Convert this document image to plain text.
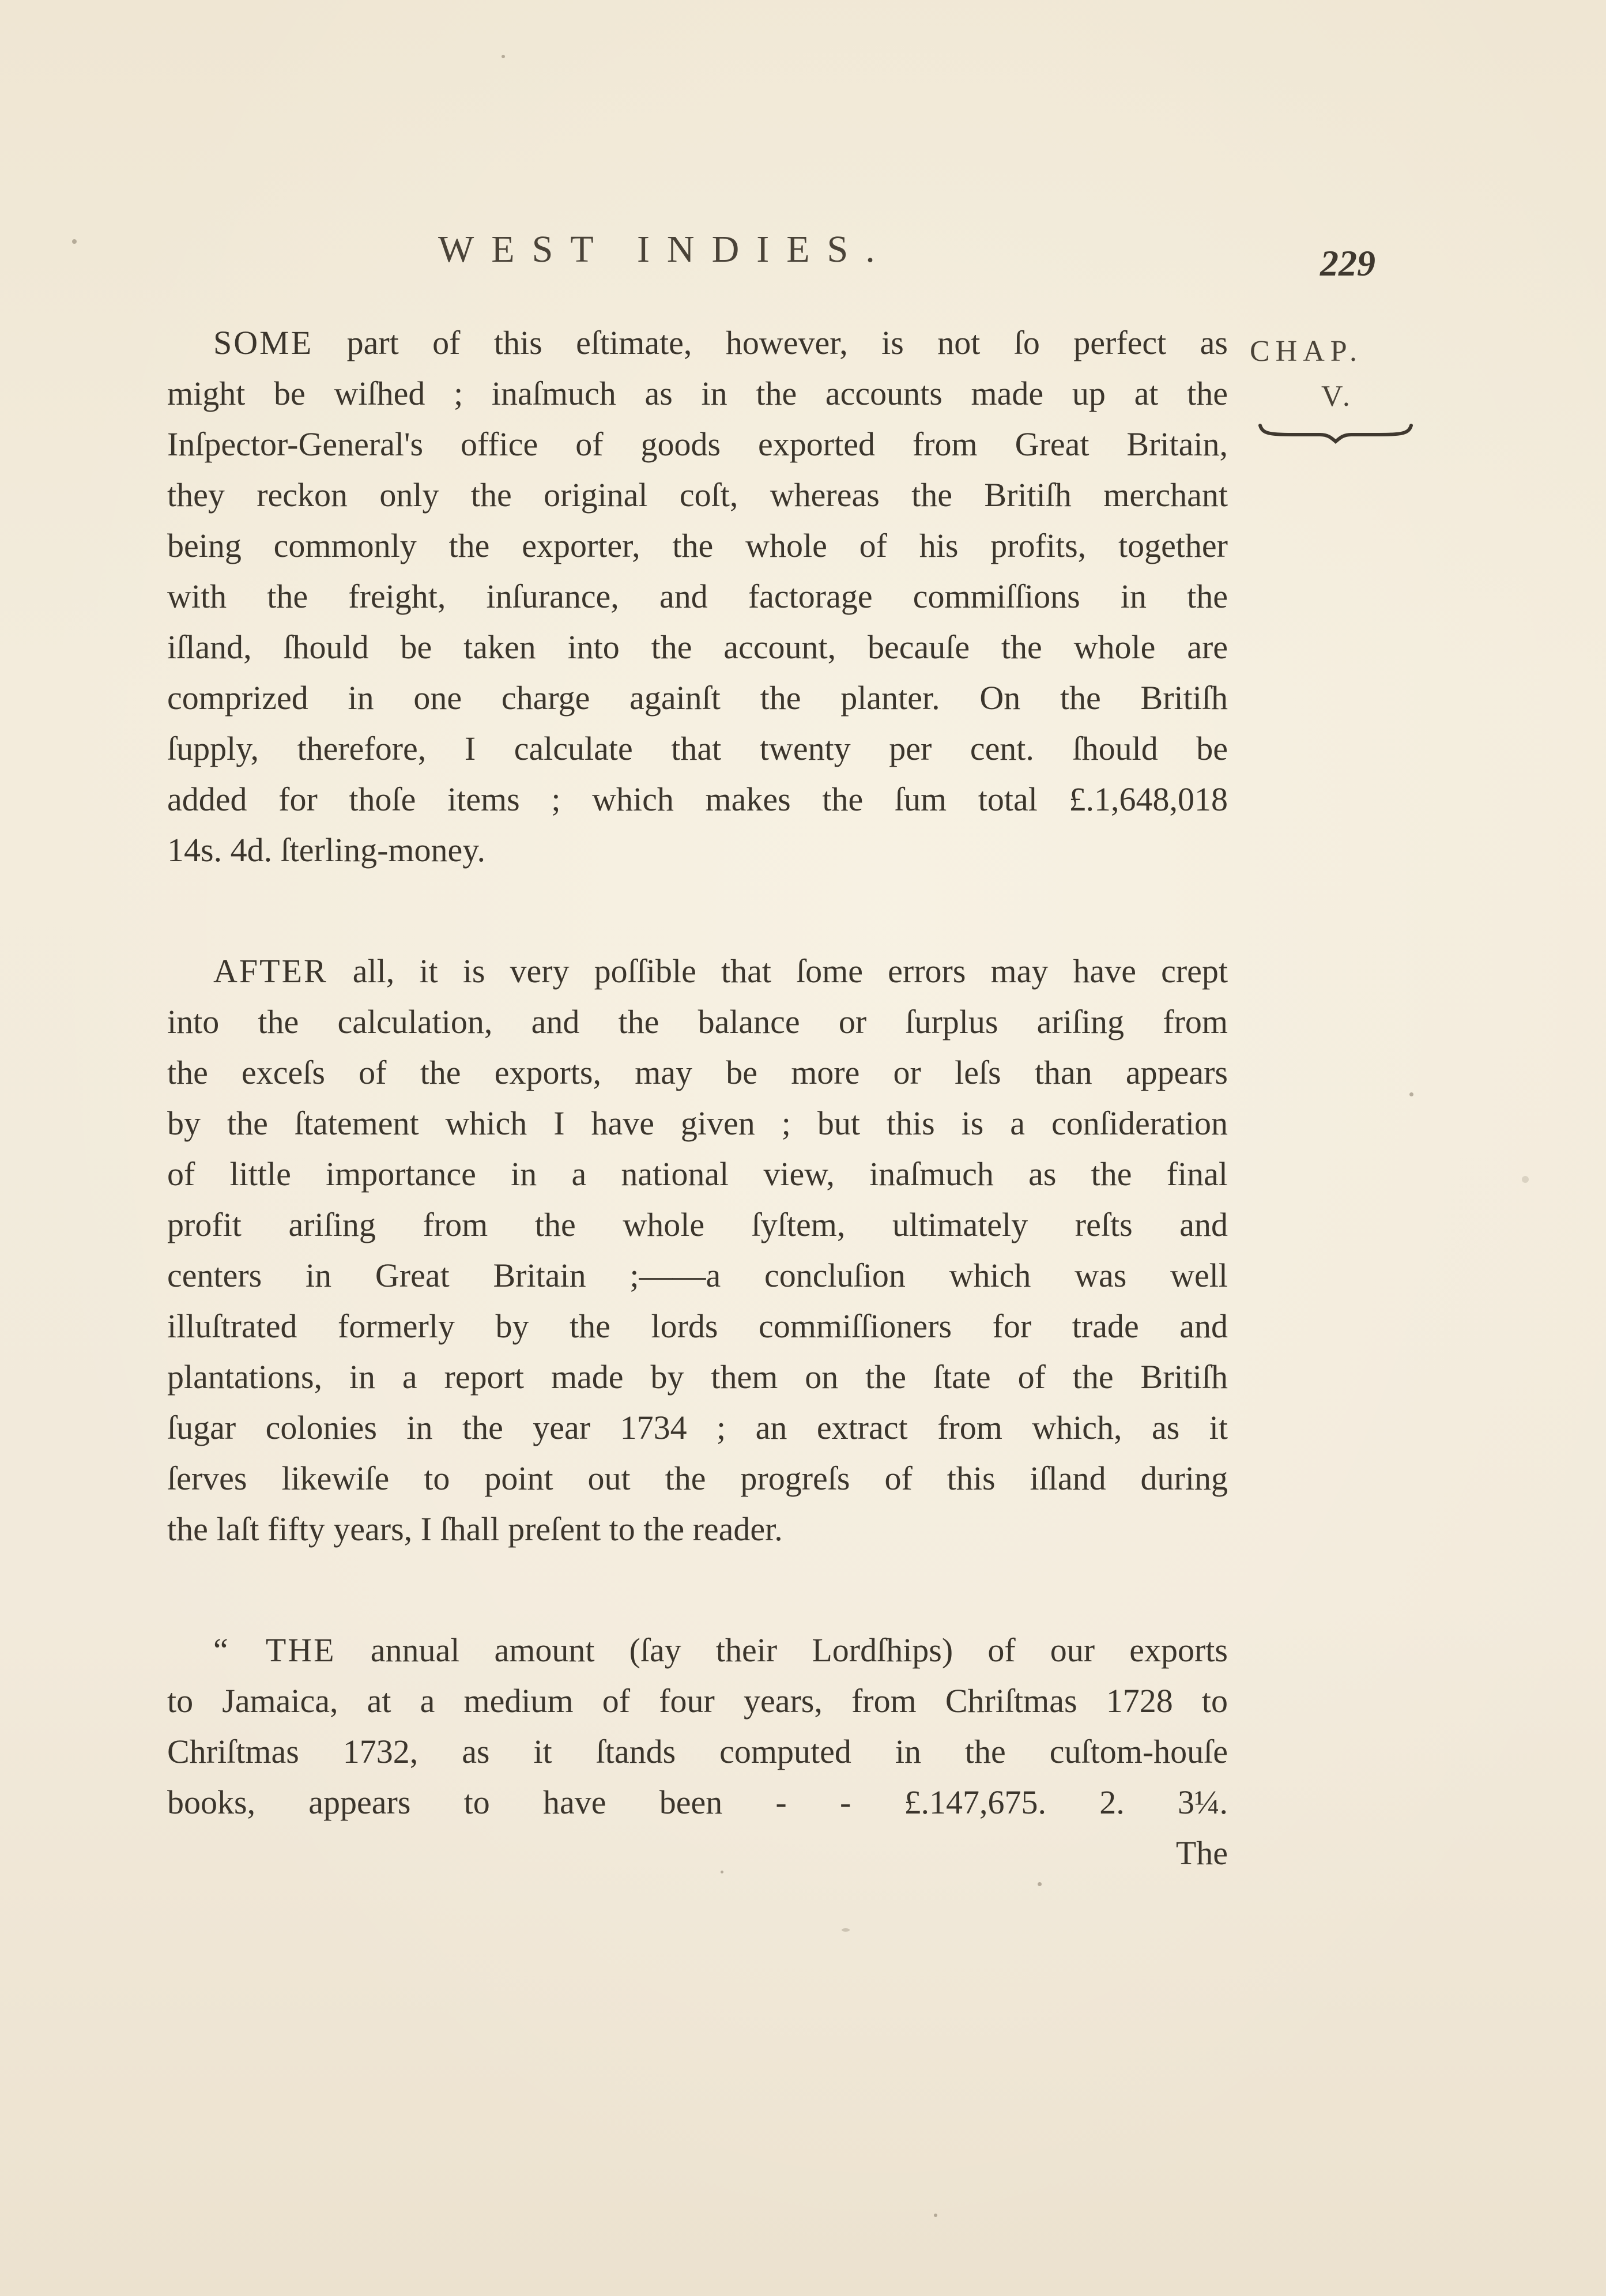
WEST INDIES.	229
CHAP.
V.
SOME part of this eſtimate, however, is not ſo perfect as
might be wiſhed ; inaſmuch as in the accounts made up at the
Inſpector-General's office of goods exported from Great Britain,
they reckon only the original coſt, whereas the Britiſh merchant
being commonly the exporter, the whole of his profits, together
with the freight, inſurance, and factorage commiſſions in the
iſland, ſhould be taken into the account, becauſe the whole are
comprized in one charge againſt the planter. On the Britiſh
ſupply, therefore, I calculate that twenty per cent. ſhould be
added for thoſe items ; which makes the ſum total £.1,648,018
14s. 4d. ſterling-money.
AFTER all, it is very poſſible that ſome errors may have crept
into the calculation, and the balance or ſurplus ariſing from
the exceſs of the exports, may be more or leſs than appears
by the ſtatement which I have given ; but this is a conſideration
of little importance in a national view, inaſmuch as the final
profit ariſing from the whole ſyſtem, ultimately reſts and
centers in Great Britain ;——a concluſion which was well
illuſtrated formerly by the lords commiſſioners for trade and
plantations, in a report made by them on the ſtate of the Britiſh
ſugar colonies in the year 1734 ; an extract from which, as it
ſerves likewiſe to point out the progreſs of this iſland during
the laſt fifty years, I ſhall preſent to the reader.
“ THE annual amount (ſay their Lordſhips) of our exports
to Jamaica, at a medium of four years, from Chriſtmas 1728 to
Chriſtmas 1732, as it ſtands computed in the cuſtom-houſe
books, appears to have been - - £.147,675. 2. 3¼.
The
